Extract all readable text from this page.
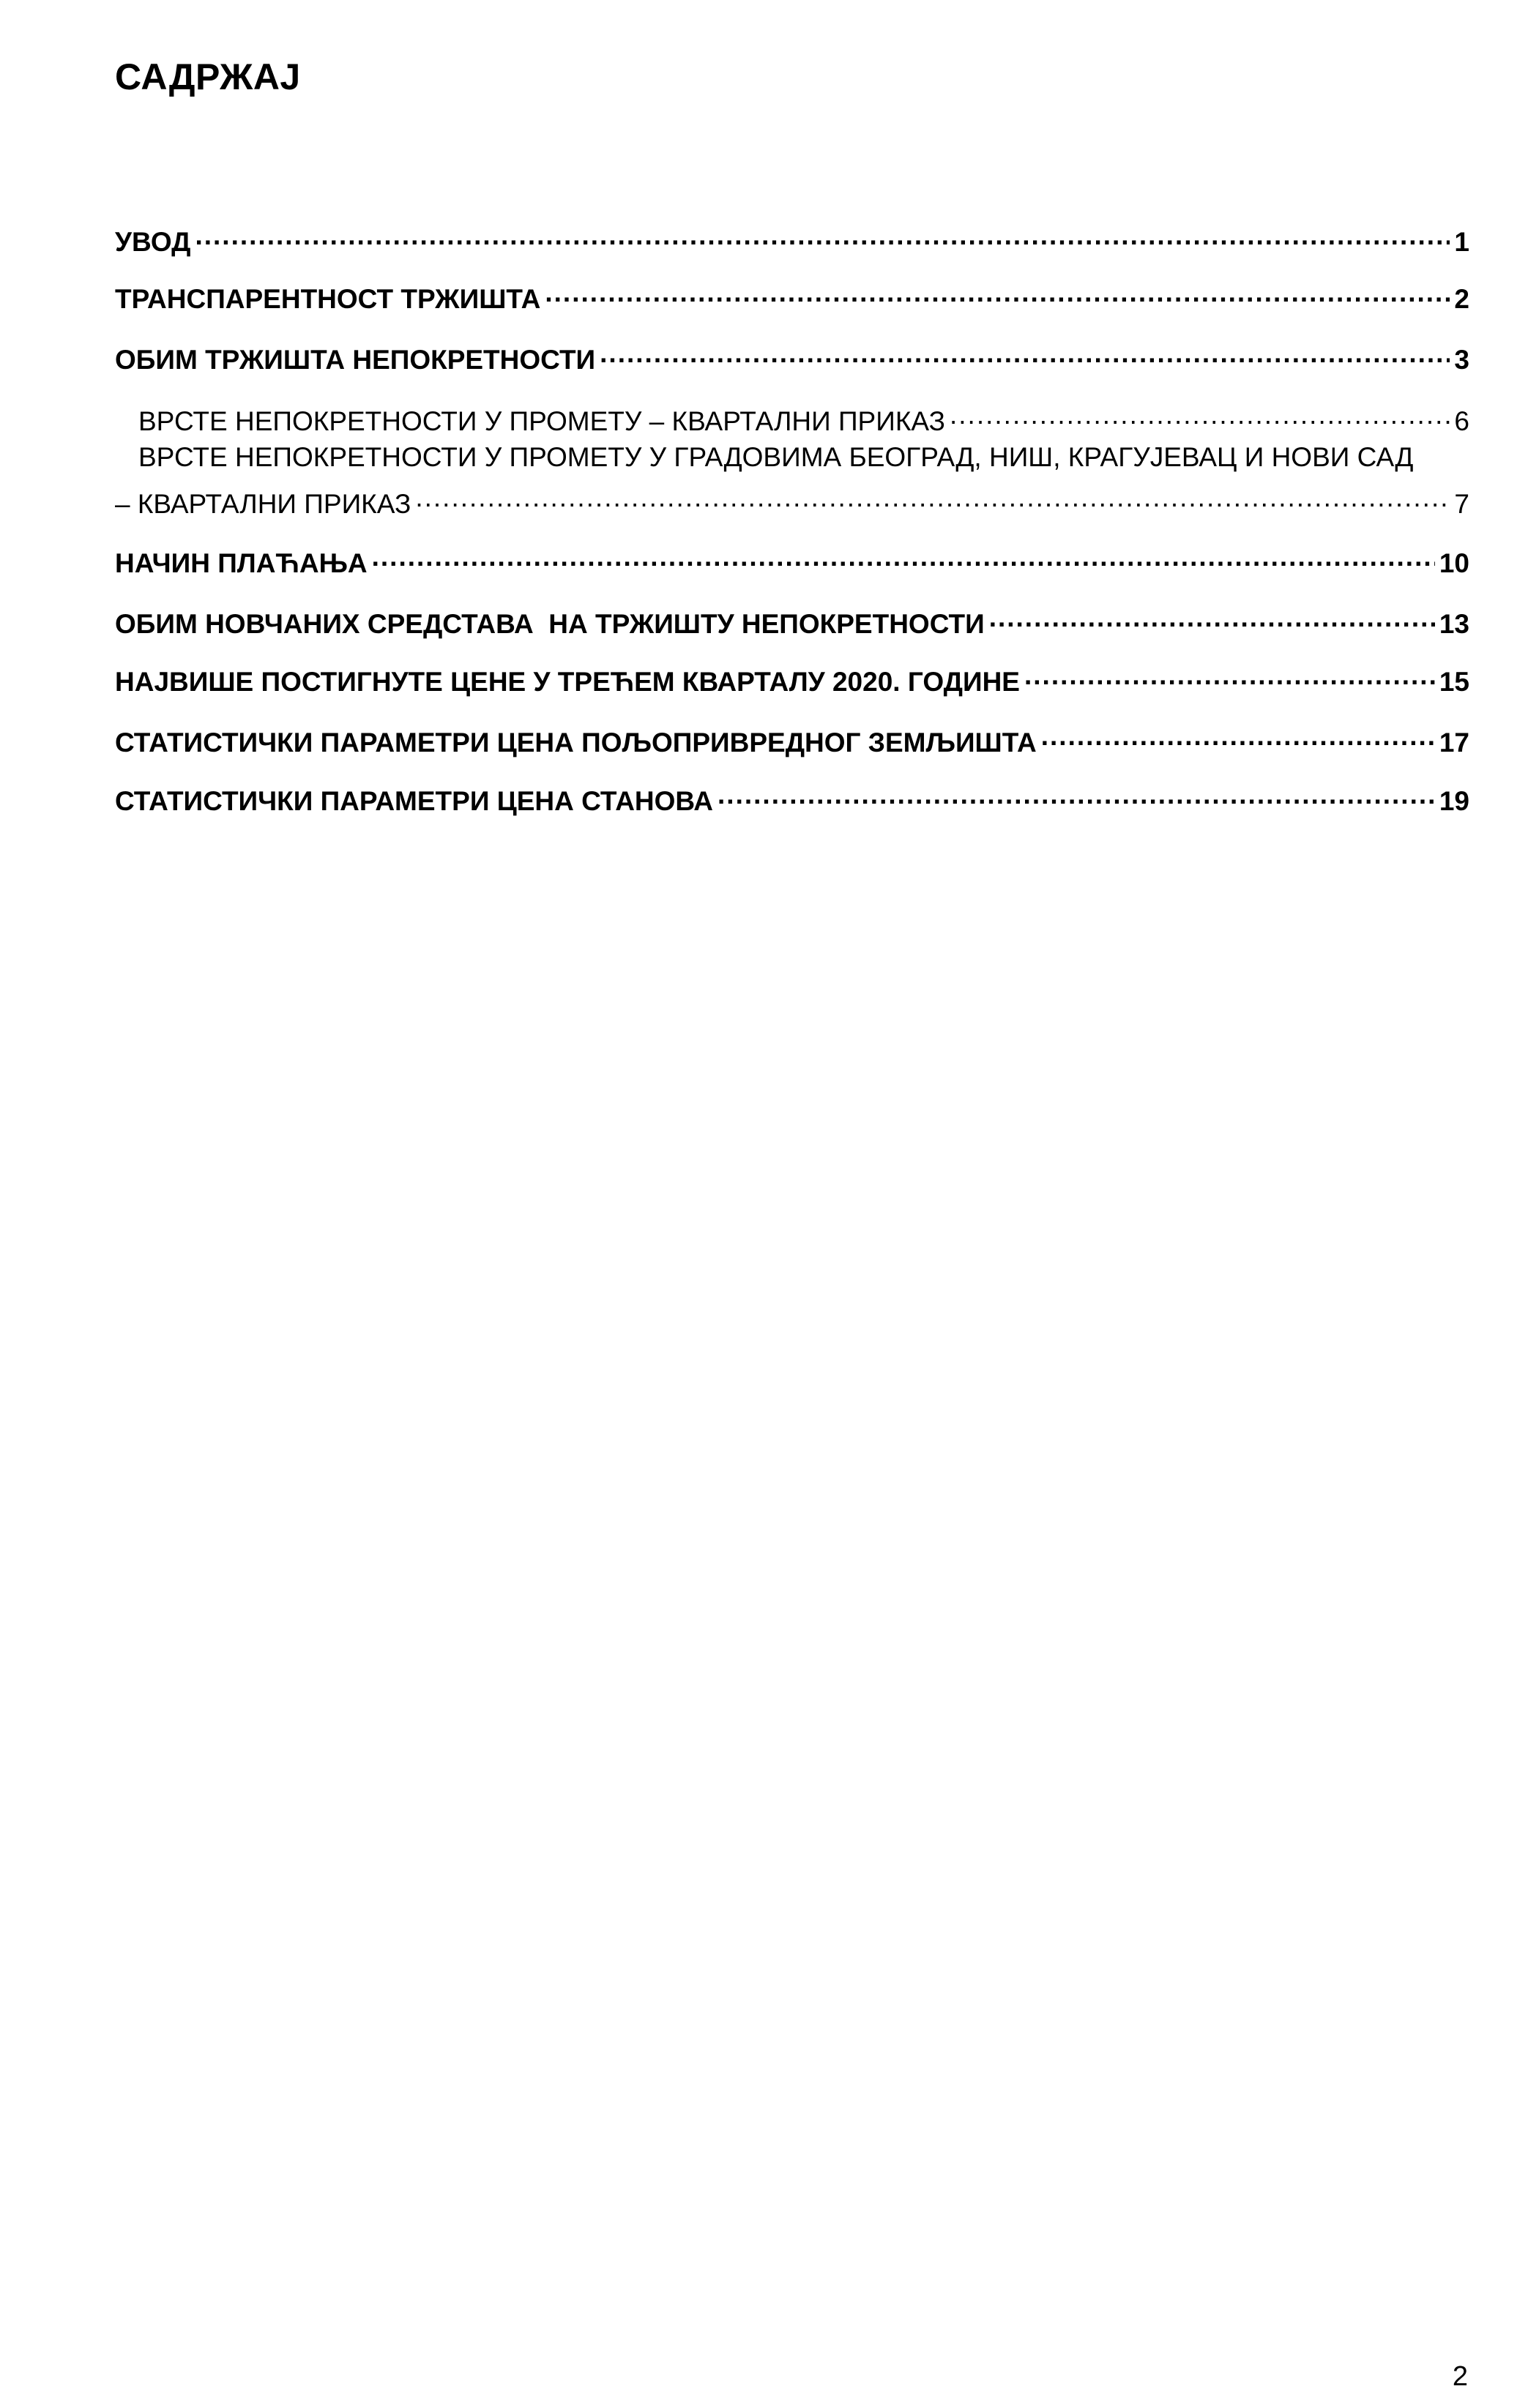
САДРЖАЈ
УВОД .....	1
ТРАНСПАРЕНТНОСТ ТРЖИШТА .....	2
ОБИМ ТРЖИШТА НЕПОКРЕТНОСТИ .....	3
ВРСТЕ НЕПОКРЕТНОСТИ У ПРОМЕТУ – КВАРТАЛНИ ПРИКАЗ .....	6
ВРСТЕ НЕПОКРЕТНОСТИ У ПРОМЕТУ У ГРАДОВИМА БЕОГРАД, НИШ, КРАГУЈЕВАЦ И НОВИ САД
– КВАРТАЛНИ ПРИКАЗ .....	7
НАЧИН ПЛАЋАЊА .....	10
ОБИМ НОВЧАНИХ СРЕДСТАВА  НА ТРЖИШТУ НЕПОКРЕТНОСТИ .....	13
НАЈВИШЕ ПОСТИГНУТЕ ЦЕНЕ У ТРЕЋЕМ КВАРТАЛУ 2020. ГОДИНЕ .....	15
СТАТИСТИЧКИ ПАРАМЕТРИ ЦЕНА ПОЉОПРИВРЕДНОГ ЗЕМЉИШТА .....	17
СТАТИСТИЧКИ ПАРАМЕТРИ ЦЕНА СТАНОВА .....	19
2
